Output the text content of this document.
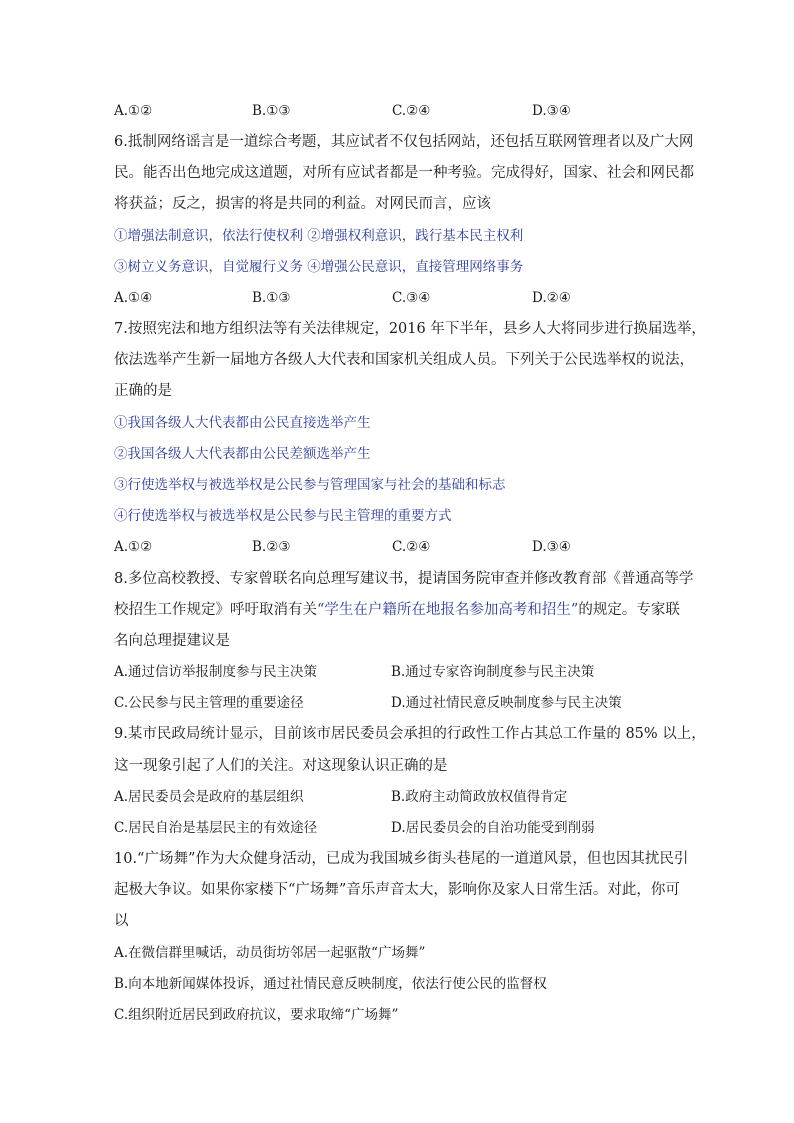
A.①②	B.①③	C.②④	D.③④
6.抵制网络谣言是一道综合考题，其应试者不仅包括网站，还包括互联网管理者以及广大网
民。能否出色地完成这道题，对所有应试者都是一种考验。完成得好，国家、社会和网民都
将获益；反之，损害的将是共同的利益。对网民而言，应该
①增强法制意识，依法行使权利 ②增强权利意识，践行基本民主权利
③树立义务意识，自觉履行义务 ④增强公民意识，直接管理网络事务
A.①④	B.①③	C.③④	D.②④
7.按照宪法和地方组织法等有关法律规定，2016 年下半年，县乡人大将同步进行换届选举，
依法选举产生新一届地方各级人大代表和国家机关组成人员。下列关于公民选举权的说法，
正确的是
①我国各级人大代表都由公民直接选举产生
②我国各级人大代表都由公民差额选举产生
③行使选举权与被选举权是公民参与管理国家与社会的基础和标志
④行使选举权与被选举权是公民参与民主管理的重要方式
A.①②	B.②③	C.②④	D.③④
8.多位高校教授、专家曾联名向总理写建议书，提请国务院审查并修改教育部《普通高等学
校招生工作规定》呼吁取消有关“学生在户籍所在地报名参加高考和招生”的规定。专家联
名向总理提建议是
A.通过信访举报制度参与民主决策	B.通过专家咨询制度参与民主决策
C.公民参与民主管理的重要途径	D.通过社情民意反映制度参与民主决策
9.某市民政局统计显示，目前该市居民委员会承担的行政性工作占其总工作量的 85% 以上，
这一现象引起了人们的关注。对这现象认识正确的是
A.居民委员会是政府的基层组织	B.政府主动简政放权值得肯定
C.居民自治是基层民主的有效途径	D.居民委员会的自治功能受到削弱
10.“广场舞”作为大众健身活动，已成为我国城乡街头巷尾的一道道风景，但也因其扰民引
起极大争议。如果你家楼下“广场舞”音乐声音太大，影响你及家人日常生活。对此，你可
以
A.在微信群里喊话，动员街坊邻居一起驱散“广场舞”
B.向本地新闻媒体投诉，通过社情民意反映制度，依法行使公民的监督权
C.组织附近居民到政府抗议，要求取缔“广场舞”
